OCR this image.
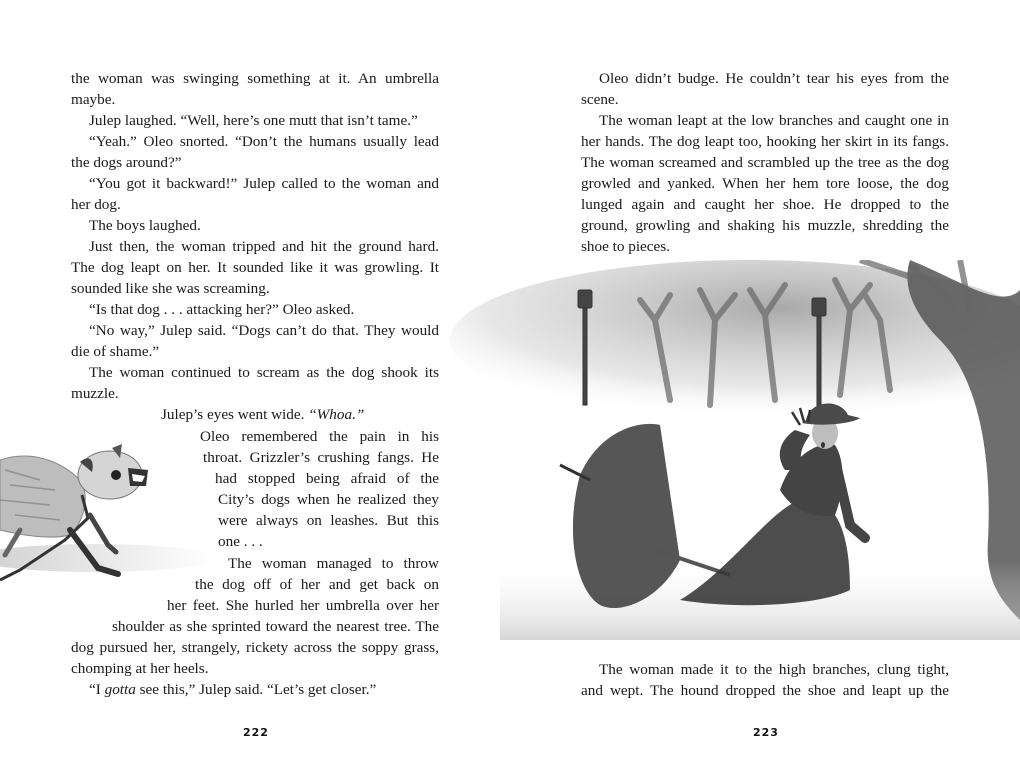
the woman was swinging something at it. An umbrella
maybe.
Julep laughed. “Well, here’s one mutt that isn’t tame.”
“Yeah.” Oleo snorted. “Don’t the humans usually lead
the dogs around?”
“You got it backward!” Julep called to the woman and
her dog.
The boys laughed.
Just then, the woman tripped and hit the ground hard.
The dog leapt on her. It sounded like it was growling. It
sounded like she was screaming.
“Is that dog . . . attacking her?” Oleo asked.
“No way,” Julep said. “Dogs can’t do that. They would
die of shame.”
The woman continued to scream as the dog shook its
muzzle.
Julep’s eyes went wide. “Whoa.”
Oleo remembered the pain in his
throat. Grizzler’s crushing fangs. He
had stopped being afraid of the
City’s dogs when he realized they
were always on leashes. But this
one . . .
The woman managed to throw
the dog off of her and get back on
her feet. She hurled her umbrella over her
shoulder as she sprinted toward the nearest tree. The
dog pursued her, strangely, rickety across the soppy grass,
chomping at her heels.
“I gotta see this,” Julep said. “Let’s get closer.”
222
Oleo didn’t budge. He couldn’t tear his eyes from the
scene.
The woman leapt at the low branches and caught one in
her hands. The dog leapt too, hooking her skirt in its fangs.
The woman screamed and scrambled up the tree as the dog
growled and yanked. When her hem tore loose, the dog
lunged again and caught her shoe. He dropped to the
ground, growling and shaking his muzzle, shredding the
shoe to pieces.
The woman made it to the high branches, clung tight,
and wept. The hound dropped the shoe and leapt up the
223
